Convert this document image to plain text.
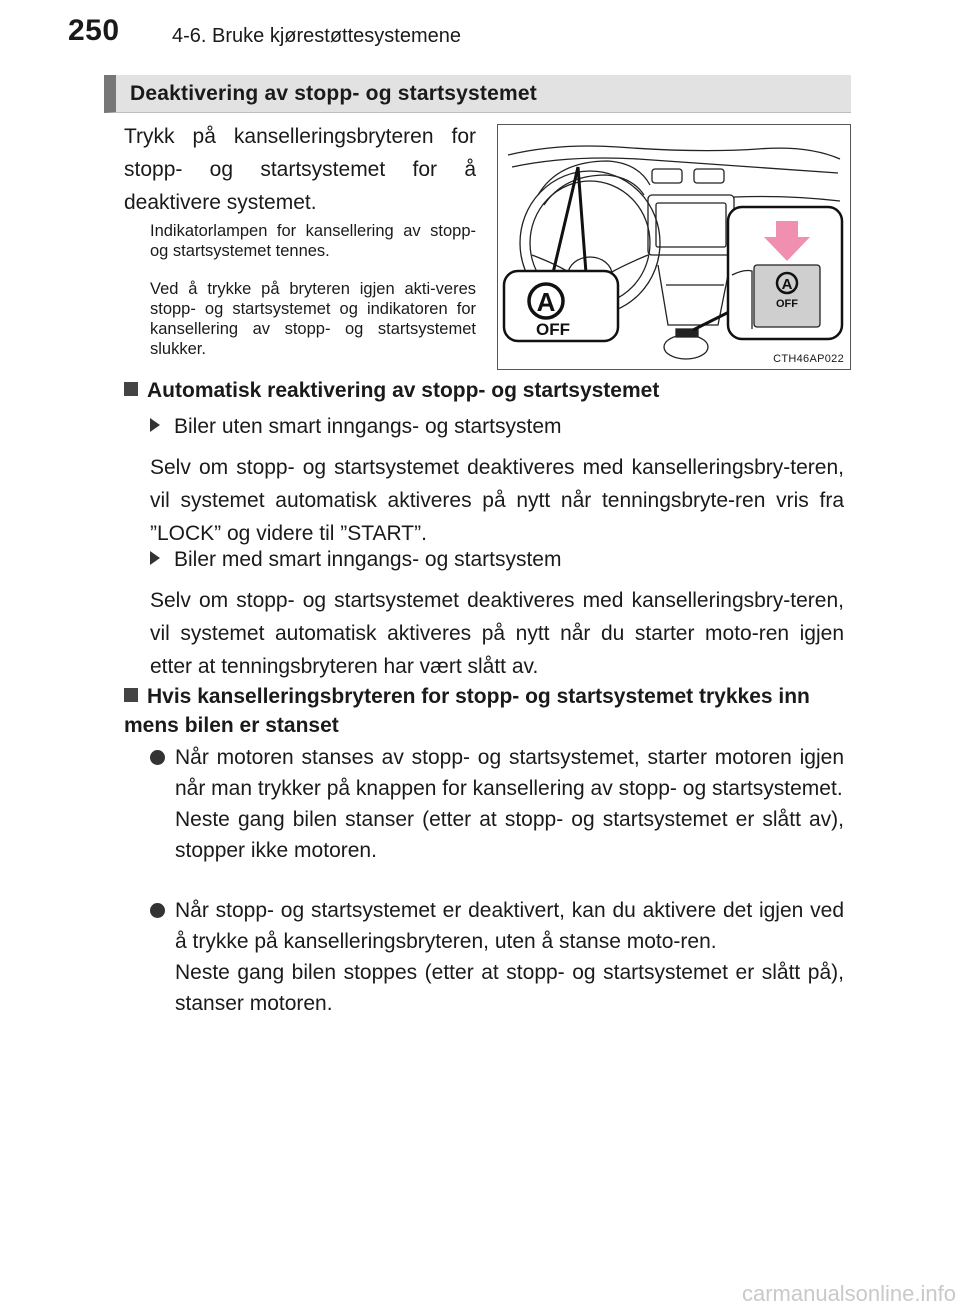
250	4-6. Bruke kjørestøttesystemene
Deaktivering av stopp- og startsystemet
Trykk på kanselleringsbryteren for stopp- og startsystemet for å deaktivere systemet.
Indikatorlampen for kansellering av stopp- og startsystemet tennes.
Ved å trykke på bryteren igjen akti-veres stopp- og startsystemet og indikatoren for kansellering av stopp- og startsystemet slukker.
A
OFF
A
OFF
CTH46AP022
Automatisk reaktivering av stopp- og startsystemet
Biler uten smart inngangs- og startsystem
Selv om stopp- og startsystemet deaktiveres med kanselleringsbry-teren, vil systemet automatisk aktiveres på nytt når tenningsbryte-ren vris fra ”LOCK” og videre til ”START”.
Biler med smart inngangs- og startsystem
Selv om stopp- og startsystemet deaktiveres med kanselleringsbry-teren, vil systemet automatisk aktiveres på nytt når du starter moto-ren igjen etter at tenningsbryteren har vært slått av.
Hvis kanselleringsbryteren for stopp- og startsystemet trykkes inn mens bilen er stanset

Når motoren stanses av stopp- og startsystemet, starter motoren igjen når man trykker på knappen for kansellering av stopp- og startsystemet.

Neste gang bilen stanser (etter at stopp- og startsystemet er slått av), stopper ikke motoren.

Når stopp- og startsystemet er deaktivert, kan du aktivere det igjen ved å trykke på kanselleringsbryteren, uten å stanse moto-ren.

Neste gang bilen stoppes (etter at stopp- og startsystemet er slått på), stanser motoren.

carmanualsonline.info
